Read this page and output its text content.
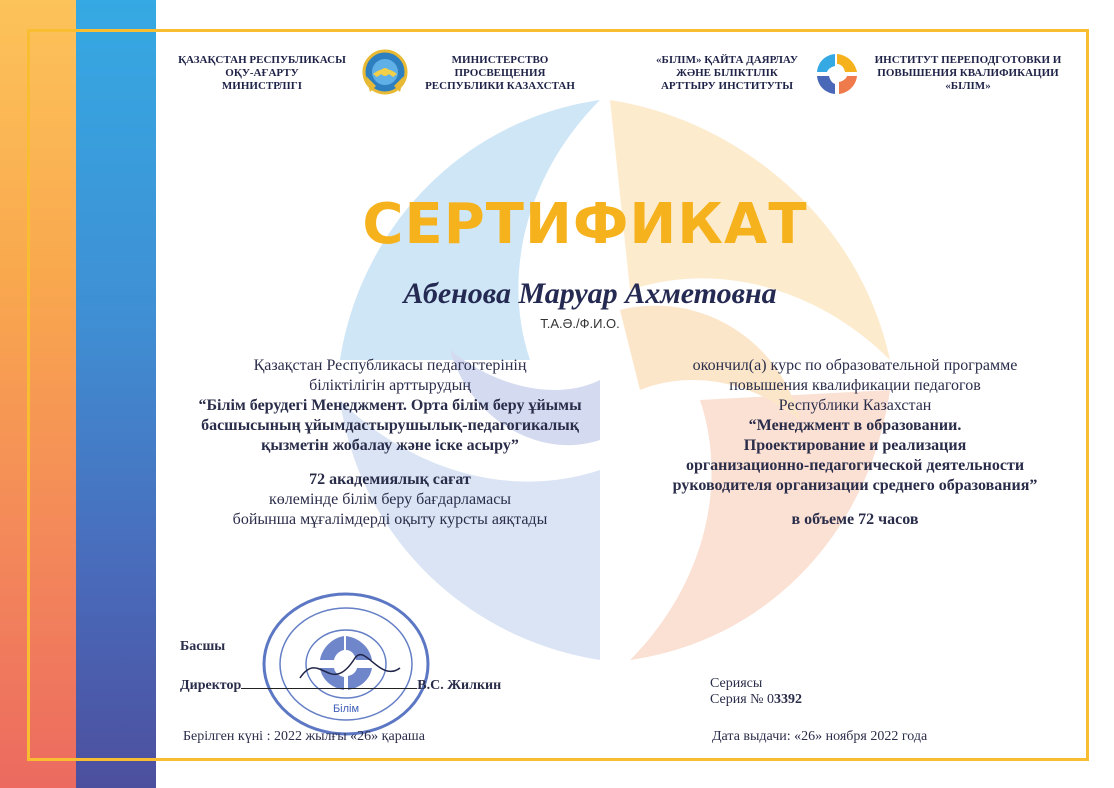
ҚАЗАҚСТАН РЕСПУБЛИКАСЫ
ОҚУ-АҒАРТУ
МИНИСТРЛІГІ
МИНИСТЕРСТВО
ПРОСВЕЩЕНИЯ
РЕСПУБЛИКИ КАЗАХСТАН
«БІЛІМ» ҚАЙТА ДАЯРЛАУ
ЖӘНЕ БІЛІКТІЛІК
АРТТЫРУ ИНСТИТУТЫ
ИНСТИТУТ ПЕРЕПОДГОТОВКИ И
ПОВЫШЕНИЯ КВАЛИФИКАЦИИ
«БІЛІМ»
СЕРТИФИКАТ
Абенова Маруар Ахметовна
Т.А.Ә./Ф.И.О.
Қазақстан Республикасы педагогтерінің
біліктілігін арттырудың
“Білім берудегі Менеджмент. Орта білім беру ұйымы
басшысының ұйымдастырушылық-педагогикалық
қызметін жобалау және іске асыру”
72 академиялық сағат
көлемінде білім беру бағдарламасы
бойынша мұғалімдерді оқыту курсты аяқтады
окончил(а) курс по образовательной программе
повышения квалификации педагогов
Республики Казахстан
“Менеджмент в образовании.
Проектирование и реализация
организационно-педагогической деятельности
руководителя организации среднего образования”
в объеме 72 часов
Білім
Басшы
Директор	В.С. Жилкин	Сериясы
Серия № 03392
Берілген күні : 2022 жылғы «26» қараша	Дата выдачи: «26» ноября 2022 года
